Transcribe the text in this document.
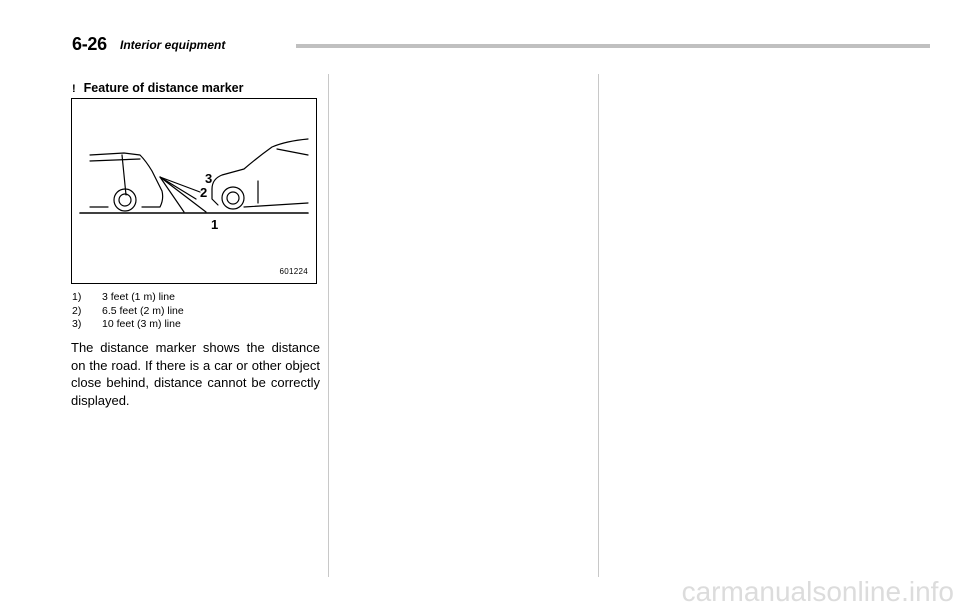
6-26 Interior equipment
! Feature of distance marker
3
2
1
601224
1) 3 feet (1 m) line
2) 6.5 feet (2 m) line
3) 10 feet (3 m) line

The distance marker shows the distance on the road. If there is a car or other object close behind, distance cannot be correctly displayed.

carmanualsonline.info
